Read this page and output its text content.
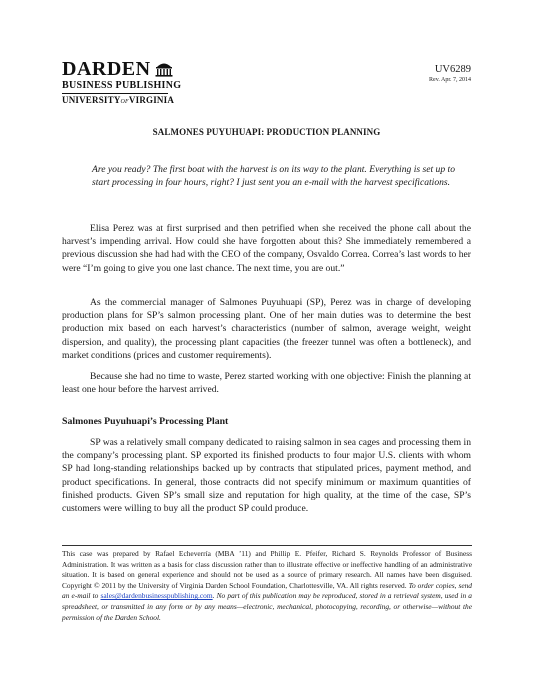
DARDEN
BUSINESS PUBLISHING
UNIVERSITYofVIRGINIA
UV6289
Rev. Apr. 7, 2014
SALMONES PUYUHUAPI: PRODUCTION PLANNING
Are you ready? The first boat with the harvest is on its way to the plant. Everything is set up to start processing in four hours, right? I just sent you an e-mail with the harvest specifications.
Elisa Perez was at first surprised and then petrified when she received the phone call about the harvest’s impending arrival. How could she have forgotten about this? She immediately remembered a previous discussion she had had with the CEO of the company, Osvaldo Correa. Correa’s last words to her were “I’m going to give you one last chance. The next time, you are out.”
As the commercial manager of Salmones Puyuhuapi (SP), Perez was in charge of developing production plans for SP’s salmon processing plant. One of her main duties was to determine the best production mix based on each harvest’s characteristics (number of salmon, average weight, weight dispersion, and quality), the processing plant capacities (the freezer tunnel was often a bottleneck), and market conditions (prices and customer requirements).
Because she had no time to waste, Perez started working with one objective: Finish the planning at least one hour before the harvest arrived.
Salmones Puyuhuapi’s Processing Plant
SP was a relatively small company dedicated to raising salmon in sea cages and processing them in the company’s processing plant. SP exported its finished products to four major U.S. clients with whom SP had long-standing relationships backed up by contracts that stipulated prices, payment method, and product specifications. In general, those contracts did not specify minimum or maximum quantities of finished products. Given SP’s small size and reputation for high quality, at the time of the case, SP’s customers were willing to buy all the product SP could produce.
This case was prepared by Rafael Echeverría (MBA ’11) and Phillip E. Pfeifer, Richard S. Reynolds Professor of Business Administration. It was written as a basis for class discussion rather than to illustrate effective or ineffective handling of an administrative situation. It is based on general experience and should not be used as a source of primary research. All names have been disguised. Copyright © 2011 by the University of Virginia Darden School Foundation, Charlottesville, VA. All rights reserved. To order copies, send an e-mail to sales@dardenbusinesspublishing.com. No part of this publication may be reproduced, stored in a retrieval system, used in a spreadsheet, or transmitted in any form or by any means—electronic, mechanical, photocopying, recording, or otherwise—without the permission of the Darden School.
